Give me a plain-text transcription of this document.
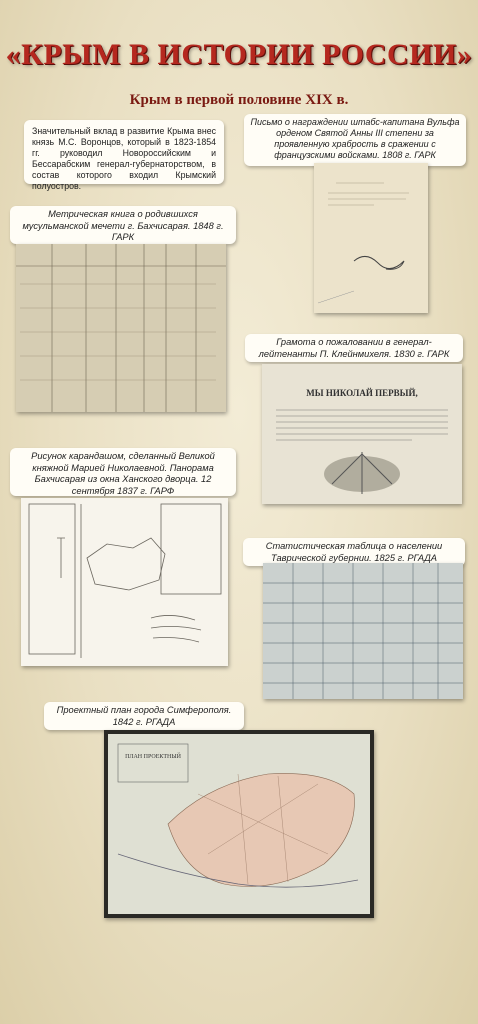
«КРЫМ В ИСТОРИИ РОССИИ»
Крым в первой половине XIX в.
Значительный вклад в развитие Крыма внес князь М.С. Воронцов, который в 1823-1854 гг. руководил Новороссийским и Бессарабским генерал-губернаторством, в состав которого входил Крымский полуостров.
Письмо о награждении штабс-капитана Вульфа орденом Святой Анны III степени за проявленную храбрость в сражении с французскими войсками. 1808 г. ГАРК
Метрическая книга о родившихся мусульманской мечети г. Бахчисарая. 1848 г. ГАРК
Грамота о пожаловании в генерал-лейтенанты П. Клейнмихеля. 1830 г. ГАРК
МЫ НИКОЛАЙ ПЕРВЫЙ,
Рисунок карандашом, сделанный Великой княжной Марией Николаевной. Панорама Бахчисарая из окна Ханского дворца. 12 сентября 1837 г. ГАРФ
Статистическая таблица о населении Таврической губернии. 1825 г. РГАДА
Проектный план города Симферополя. 1842 г. РГАДА
ПЛАН ПРОЕКТНЫЙ
